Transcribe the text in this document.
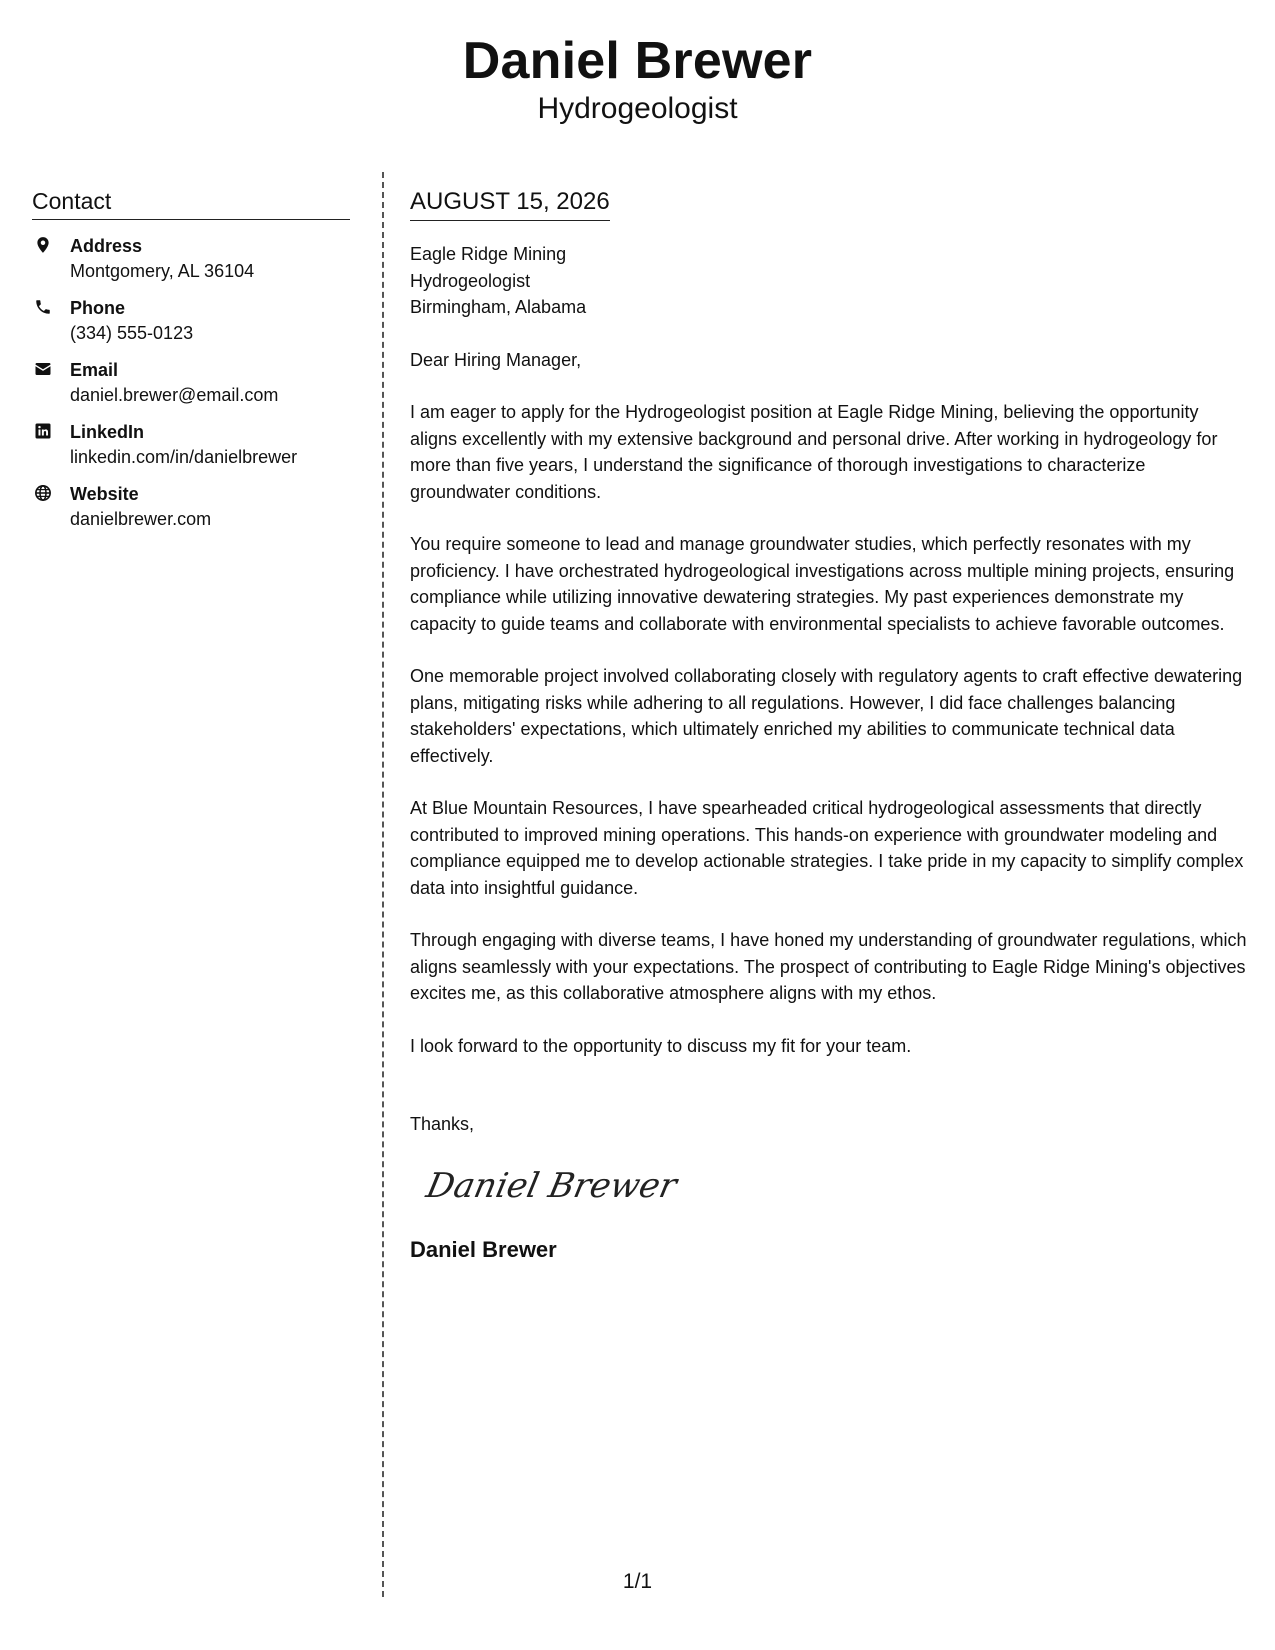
Daniel Brewer
Hydrogeologist
Contact
Address
Montgomery, AL 36104
Phone
(334) 555-0123
Email
daniel.brewer@email.com
LinkedIn
linkedin.com/in/danielbrewer
Website
danielbrewer.com
AUGUST 15, 2026
Eagle Ridge Mining
Hydrogeologist
Birmingham, Alabama
Dear Hiring Manager,
I am eager to apply for the Hydrogeologist position at Eagle Ridge Mining, believing the opportunity aligns excellently with my extensive background and personal drive. After working in hydrogeology for more than five years, I understand the significance of thorough investigations to characterize groundwater conditions.
You require someone to lead and manage groundwater studies, which perfectly resonates with my proficiency. I have orchestrated hydrogeological investigations across multiple mining projects, ensuring compliance while utilizing innovative dewatering strategies. My past experiences demonstrate my capacity to guide teams and collaborate with environmental specialists to achieve favorable outcomes.
One memorable project involved collaborating closely with regulatory agents to craft effective dewatering plans, mitigating risks while adhering to all regulations. However, I did face challenges balancing stakeholders' expectations, which ultimately enriched my abilities to communicate technical data effectively.
At Blue Mountain Resources, I have spearheaded critical hydrogeological assessments that directly contributed to improved mining operations. This hands-on experience with groundwater modeling and compliance equipped me to develop actionable strategies. I take pride in my capacity to simplify complex data into insightful guidance.
Through engaging with diverse teams, I have honed my understanding of groundwater regulations, which aligns seamlessly with your expectations. The prospect of contributing to Eagle Ridge Mining's objectives excites me, as this collaborative atmosphere aligns with my ethos.
I look forward to the opportunity to discuss my fit for your team.
Thanks,
Daniel Brewer
Daniel Brewer
1/1
